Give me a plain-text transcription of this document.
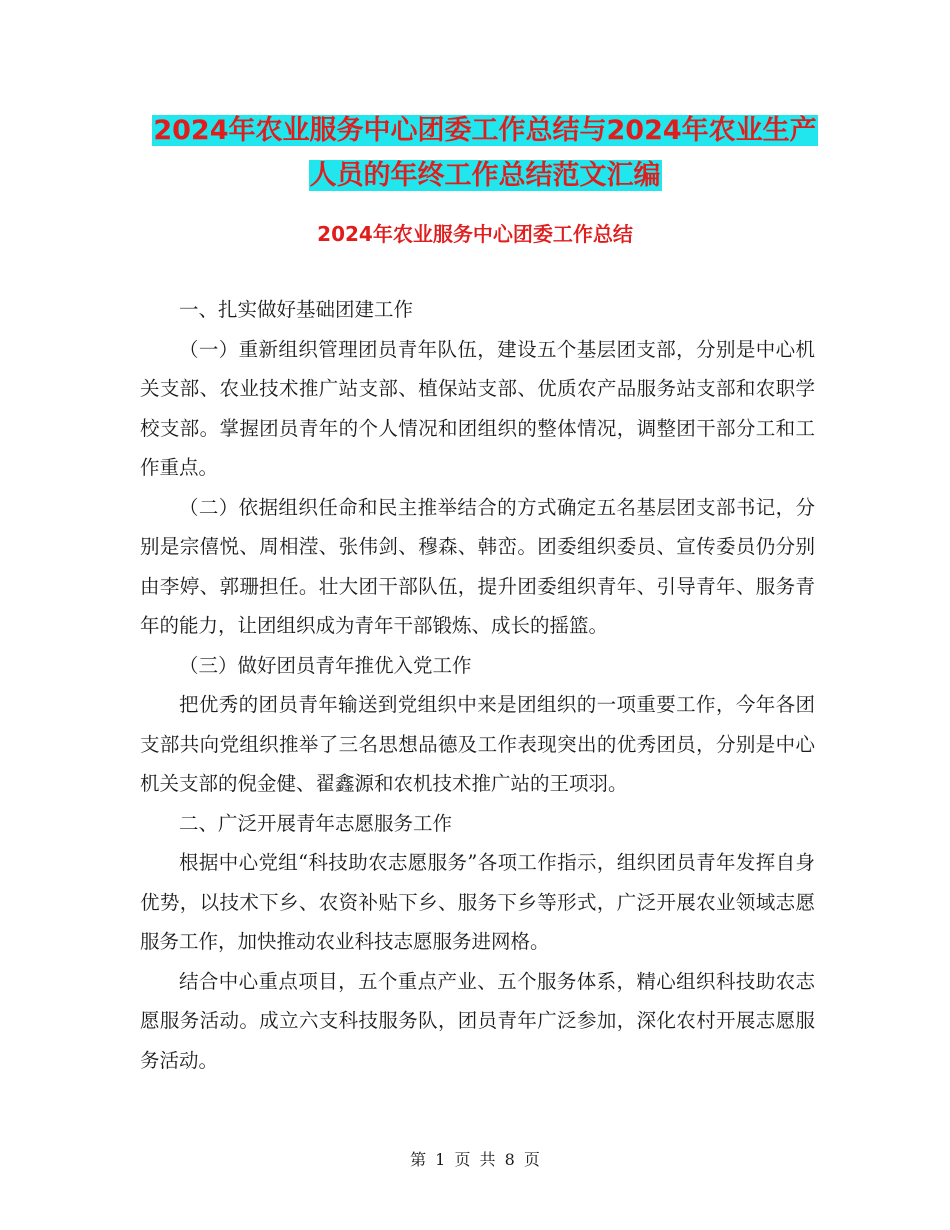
2024年农业服务中心团委工作总结与2024年农业生产
人员的年终工作总结范文汇编
2024年农业服务中心团委工作总结

一、扎实做好基础团建工作

（一）重新组织管理团员青年队伍，建设五个基层团支部，分别是中心机关支部、农业技术推广站支部、植保站支部、优质农产品服务站支部和农职学校支部。掌握团员青年的个人情况和团组织的整体情况，调整团干部分工和工作重点。

（二）依据组织任命和民主推举结合的方式确定五名基层团支部书记，分别是宗僖悦、周相滢、张伟剑、穆森、韩峦。团委组织委员、宣传委员仍分别由李婷、郭珊担任。壮大团干部队伍，提升团委组织青年、引导青年、服务青年的能力，让团组织成为青年干部锻炼、成长的摇篮。

（三）做好团员青年推优入党工作

把优秀的团员青年输送到党组织中来是团组织的一项重要工作，今年各团支部共向党组织推举了三名思想品德及工作表现突出的优秀团员，分别是中心机关支部的倪金健、翟鑫源和农机技术推广站的王项羽。

二、广泛开展青年志愿服务工作

根据中心党组“科技助农志愿服务”各项工作指示，组织团员青年发挥自身优势，以技术下乡、农资补贴下乡、服务下乡等形式，广泛开展农业领域志愿服务工作，加快推动农业科技志愿服务进网格。

结合中心重点项目，五个重点产业、五个服务体系，精心组织科技助农志愿服务活动。成立六支科技服务队，团员青年广泛参加，深化农村开展志愿服务活动。

第 1 页 共 8 页
